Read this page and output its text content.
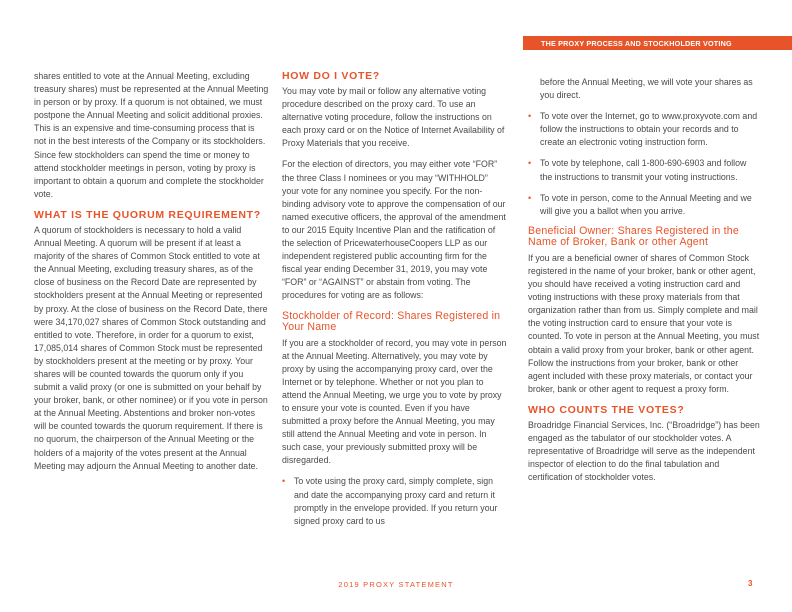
THE PROXY PROCESS AND STOCKHOLDER VOTING

shares entitled to vote at the Annual Meeting, excluding treasury shares) must be represented at the Annual Meeting in person or by proxy. If a quorum is not obtained, we must postpone the Annual Meeting and solicit additional proxies. This is an expensive and time-consuming process that is not in the best interests of the Company or its stockholders. Since few stockholders can spend the time or money to attend stockholder meetings in person, voting by proxy is important to obtain a quorum and complete the stockholder vote.

WHAT IS THE QUORUM REQUIREMENT?

A quorum of stockholders is necessary to hold a valid Annual Meeting. A quorum will be present if at least a majority of the shares of Common Stock entitled to vote at the Annual Meeting, excluding treasury shares, as of the close of business on the Record Date are represented by stockholders present at the Annual Meeting or represented by proxy. At the close of business on the Record Date, there were 34,170,027 shares of Common Stock outstanding and entitled to vote. Therefore, in order for a quorum to exist, 17,085,014 shares of Common Stock must be represented by stockholders present at the meeting or by proxy. Your shares will be counted towards the quorum only if you submit a valid proxy (or one is submitted on your behalf by your broker, bank, or other nominee) or if you vote in person at the Annual Meeting. Abstentions and broker non-votes will be counted towards the quorum requirement. If there is no quorum, the chairperson of the Annual Meeting or the holders of a majority of the votes present at the Annual Meeting may adjourn the Annual Meeting to another date.

HOW DO I VOTE?

You may vote by mail or follow any alternative voting procedure described on the proxy card. To use an alternative voting procedure, follow the instructions on each proxy card or on the Notice of Internet Availability of Proxy Materials that you receive.

For the election of directors, you may either vote “FOR” the three Class I nominees or you may “WITHHOLD” your vote for any nominee you specify. For the non-binding advisory vote to approve the compensation of our named executive officers, the approval of the amendment to our 2015 Equity Incentive Plan and the ratification of the selection of PricewaterhouseCoopers LLP as our independent registered public accounting firm for the fiscal year ending December 31, 2019, you may vote “FOR” or “AGAINST” or abstain from voting. The procedures for voting are as follows:

Stockholder of Record: Shares Registered in Your Name

If you are a stockholder of record, you may vote in person at the Annual Meeting. Alternatively, you may vote by proxy by using the accompanying proxy card, over the Internet or by telephone. Whether or not you plan to attend the Annual Meeting, we urge you to vote by proxy to ensure your vote is counted. Even if you have submitted a proxy before the Annual Meeting, you may still attend the Annual Meeting and vote in person. In such case, your previously submitted proxy will be disregarded.

• To vote using the proxy card, simply complete, sign and date the accompanying proxy card and return it promptly in the envelope provided. If you return your signed proxy card to us

before the Annual Meeting, we will vote your shares as you direct.

• To vote over the Internet, go to www.proxyvote.com and follow the instructions to obtain your records and to create an electronic voting instruction form.
• To vote by telephone, call 1-800-690-6903 and follow the instructions to transmit your voting instructions.
• To vote in person, come to the Annual Meeting and we will give you a ballot when you arrive.
Beneficial Owner: Shares Registered in the Name of Broker, Bank or other Agent

If you are a beneficial owner of shares of Common Stock registered in the name of your broker, bank or other agent, you should have received a voting instruction card and voting instructions with these proxy materials from that organization rather than from us. Simply complete and mail the voting instruction card to ensure that your vote is counted. To vote in person at the Annual Meeting, you must obtain a valid proxy from your broker, bank or other agent. Follow the instructions from your broker, bank or other agent included with these proxy materials, or contact your broker, bank or other agent to request a proxy form.

WHO COUNTS THE VOTES?

Broadridge Financial Services, Inc. (“Broadridge”) has been engaged as the tabulator of our stockholder votes. A representative of Broadridge will serve as the independent inspector of election to do the final tabulation and certification of stockholder votes.

2019 PROXY STATEMENT	3
